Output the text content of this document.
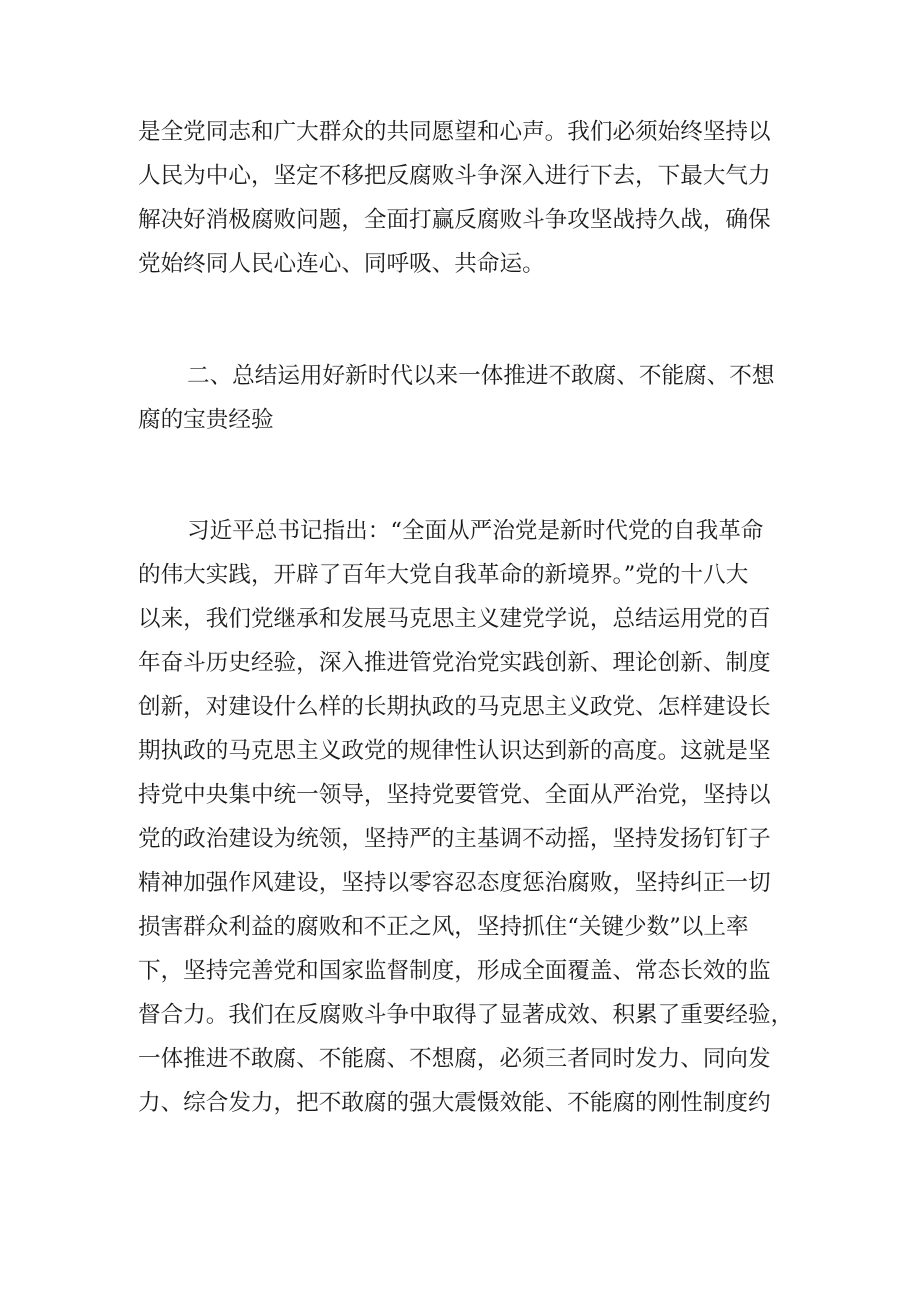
是全党同志和广大群众的共同愿望和心声。我们必须始终坚持以
人民为中心，坚定不移把反腐败斗争深入进行下去，下最大气力
解决好消极腐败问题，全面打赢反腐败斗争攻坚战持久战，确保
党始终同人民心连心、同呼吸、共命运。
二、总结运用好新时代以来一体推进不敢腐、不能腐、不想
腐的宝贵经验
习近平总书记指出：“全面从严治党是新时代党的自我革命
的伟大实践，开辟了百年大党自我革命的新境界。”党的十八大
以来，我们党继承和发展马克思主义建党学说，总结运用党的百
年奋斗历史经验，深入推进管党治党实践创新、理论创新、制度
创新，对建设什么样的长期执政的马克思主义政党、怎样建设长
期执政的马克思主义政党的规律性认识达到新的高度。这就是坚
持党中央集中统一领导，坚持党要管党、全面从严治党，坚持以
党的政治建设为统领，坚持严的主基调不动摇，坚持发扬钉钉子
精神加强作风建设，坚持以零容忍态度惩治腐败，坚持纠正一切
损害群众利益的腐败和不正之风，坚持抓住“关键少数”以上率
下，坚持完善党和国家监督制度，形成全面覆盖、常态长效的监
督合力。我们在反腐败斗争中取得了显著成效、积累了重要经验，
一体推进不敢腐、不能腐、不想腐，必须三者同时发力、同向发
力、综合发力，把不敢腐的强大震慑效能、不能腐的刚性制度约
